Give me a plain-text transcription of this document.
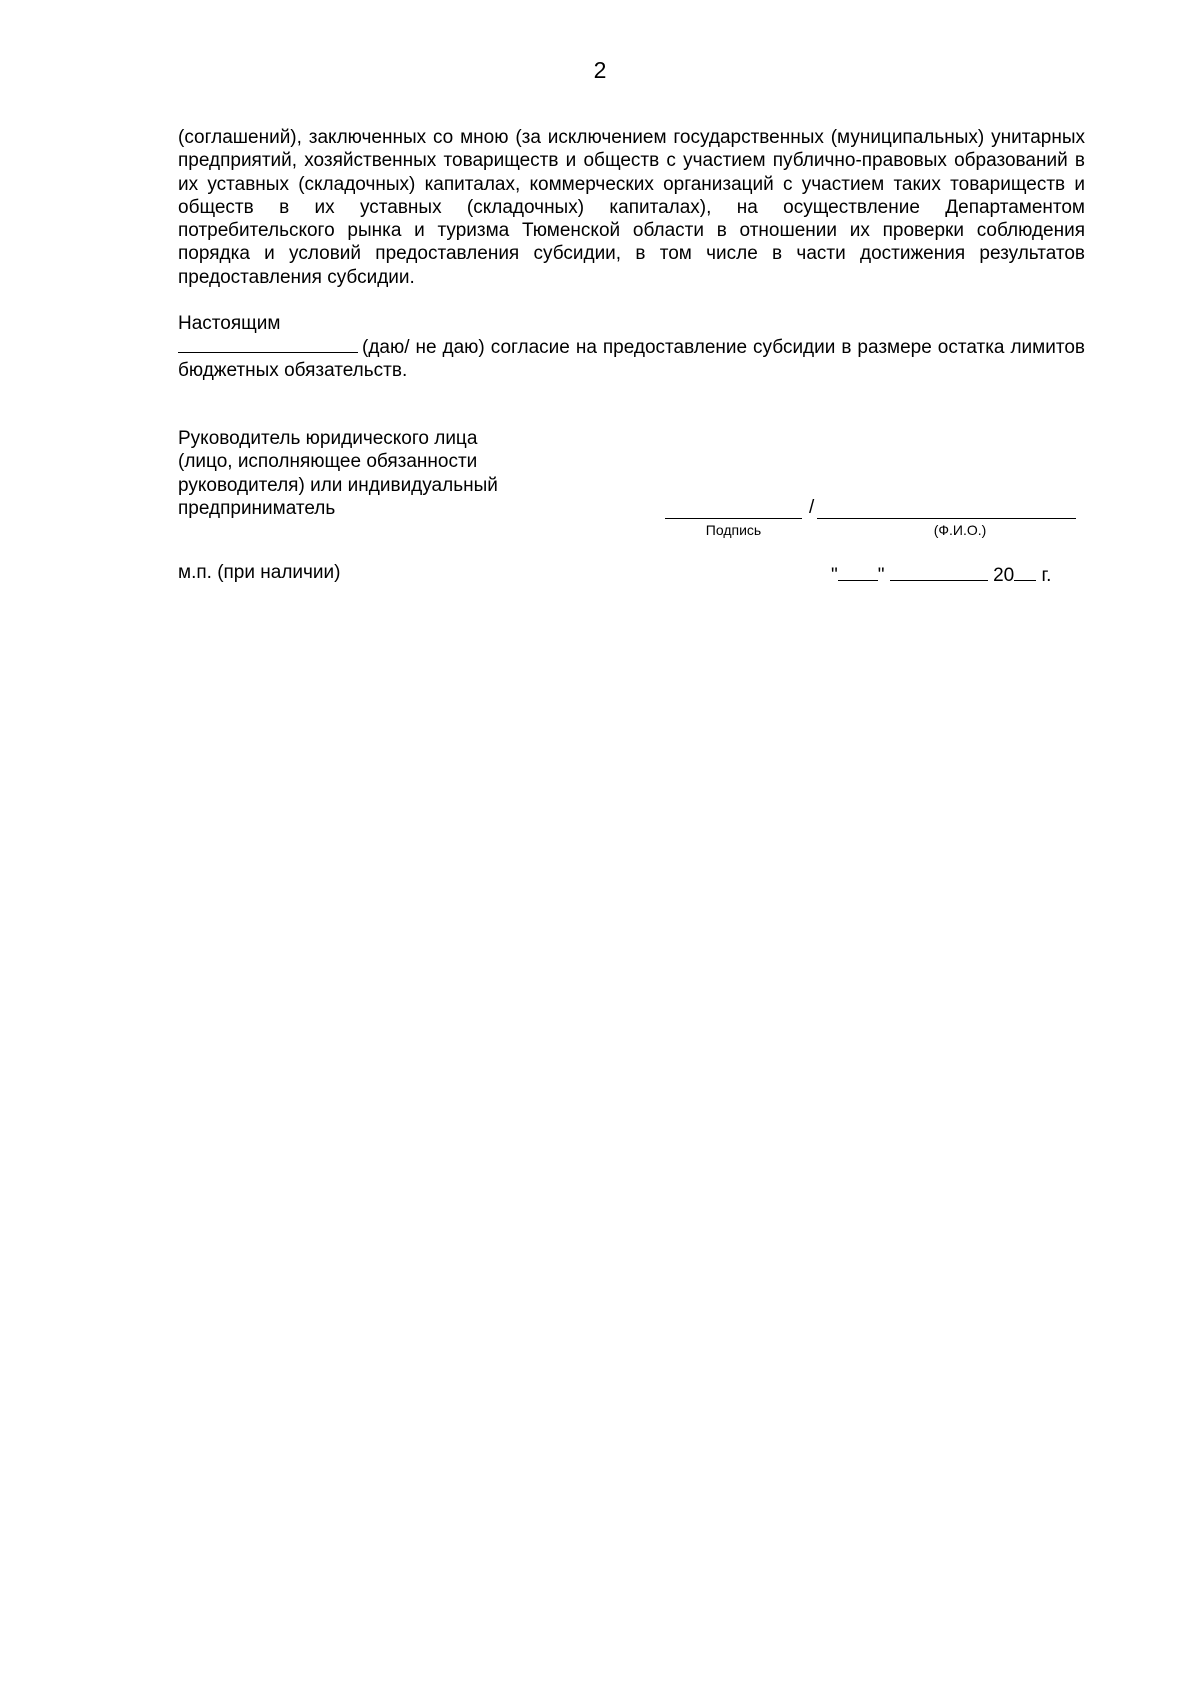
2
(соглашений), заключенных со мною (за исключением государственных (муниципальных) унитарных предприятий, хозяйственных товариществ и обществ с участием публично-правовых образований в их уставных (складочных) капиталах, коммерческих организаций с участием таких товариществ и обществ в их уставных (складочных) капиталах), на осуществление Департаментом потребительского рынка и туризма Тюменской области в отношении их проверки соблюдения порядка и условий предоставления субсидии, в том числе в части достижения результатов предоставления субсидии.
Настоящим
(даю/ не даю) согласие на предоставление субсидии в размере остатка лимитов бюджетных обязательств.
Руководитель юридического лица
(лицо, исполняющее обязанности
руководителя) или индивидуальный
предприниматель	/
Подпись	(Ф.И.О.)
м.п. (при наличии)	" "	20 г.
